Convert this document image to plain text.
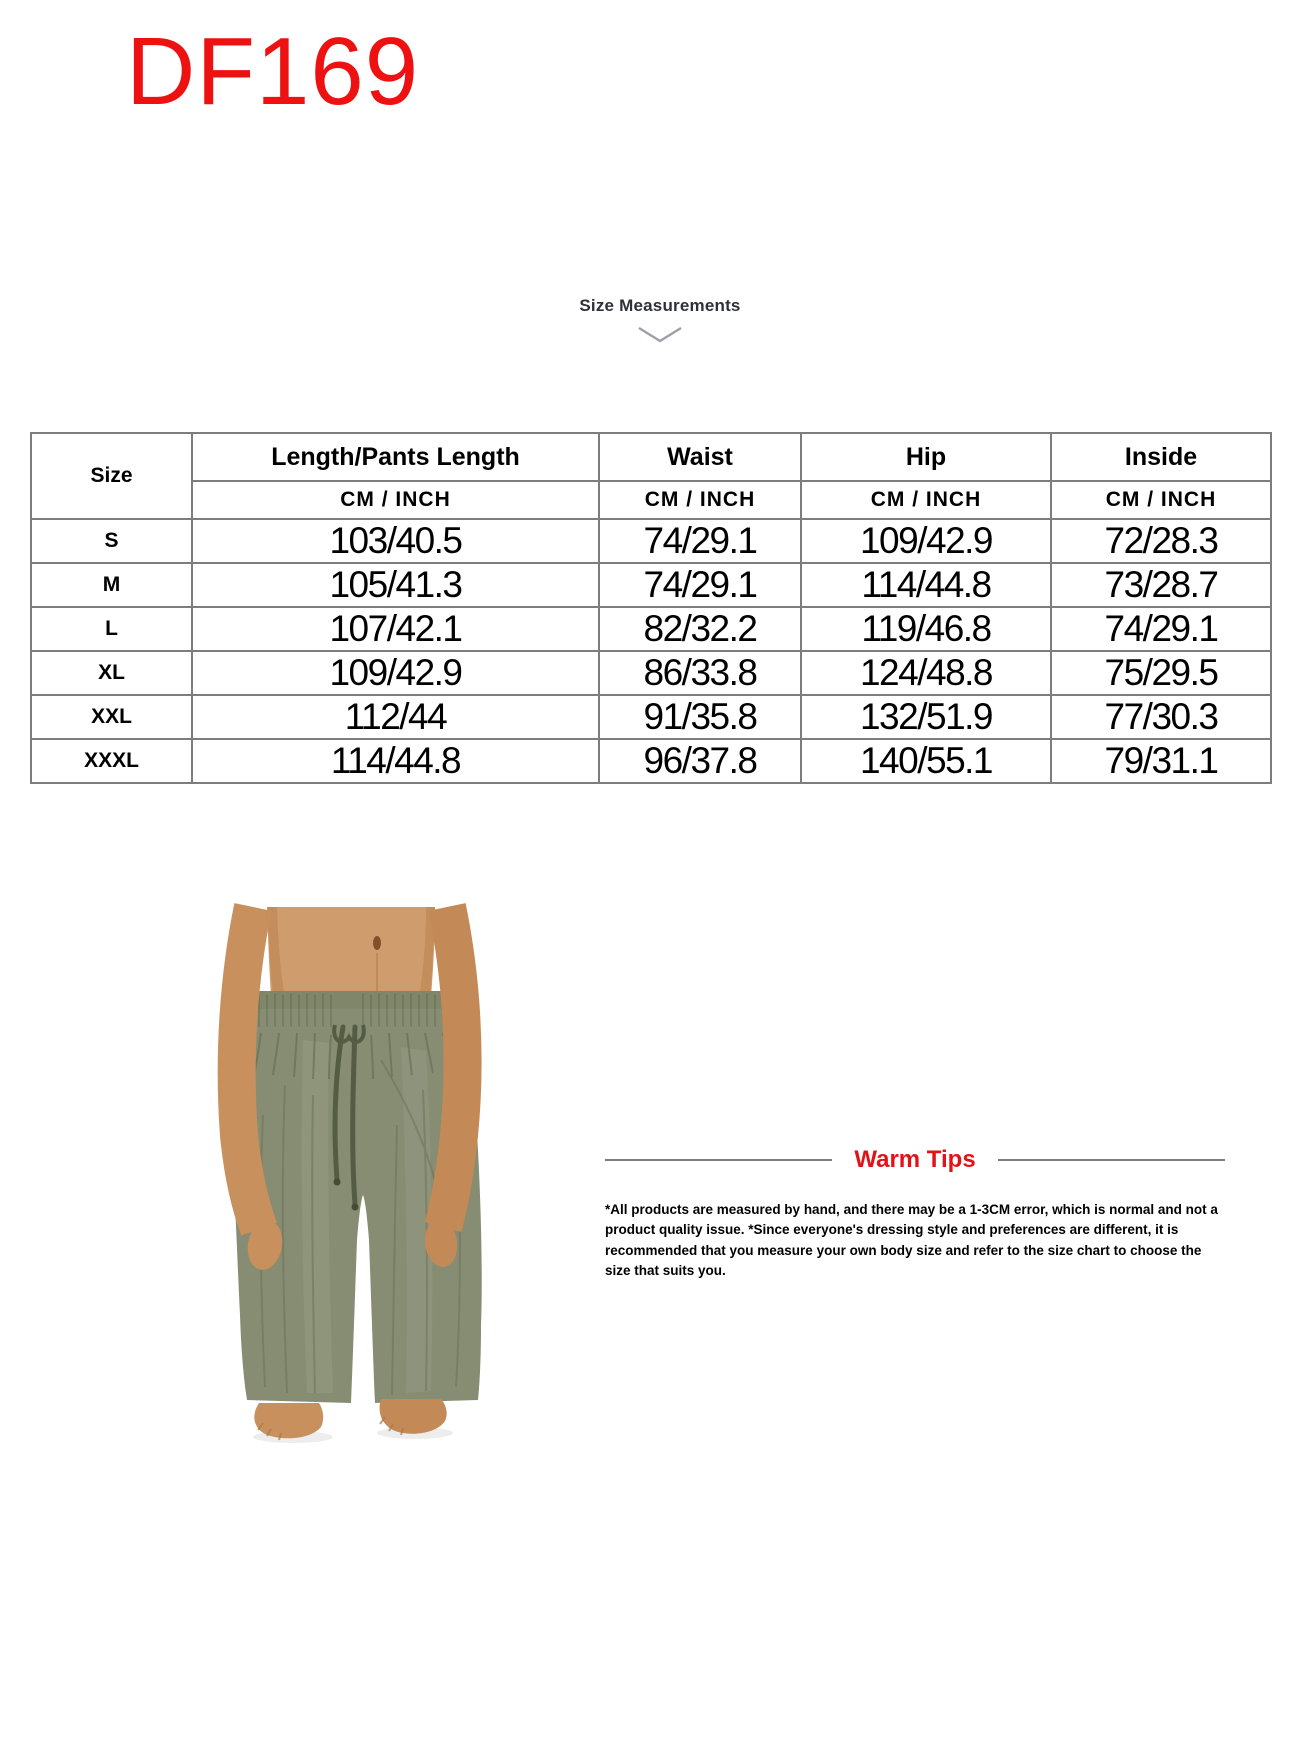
DF169
Size Measurements
Size	Length/Pants Length	Waist	Hip	Inside
	CM / INCH	CM / INCH	CM / INCH	CM / INCH
S	103/40.5	74/29.1	109/42.9	72/28.3
M	105/41.3	74/29.1	114/44.8	73/28.7
L	107/42.1	82/32.2	119/46.8	74/29.1
XL	109/42.9	86/33.8	124/48.8	75/29.5
XXL	112/44	91/35.8	132/51.9	77/30.3
XXXL	114/44.8	96/37.8	140/55.1	79/31.1
Warm Tips

*All products are measured by hand, and there may be a 1-3CM error, which is normal and not a product quality issue. *Since everyone's dressing style and preferences are different, it is recommended that you measure your own body size and refer to the size chart to choose the size that suits you.
